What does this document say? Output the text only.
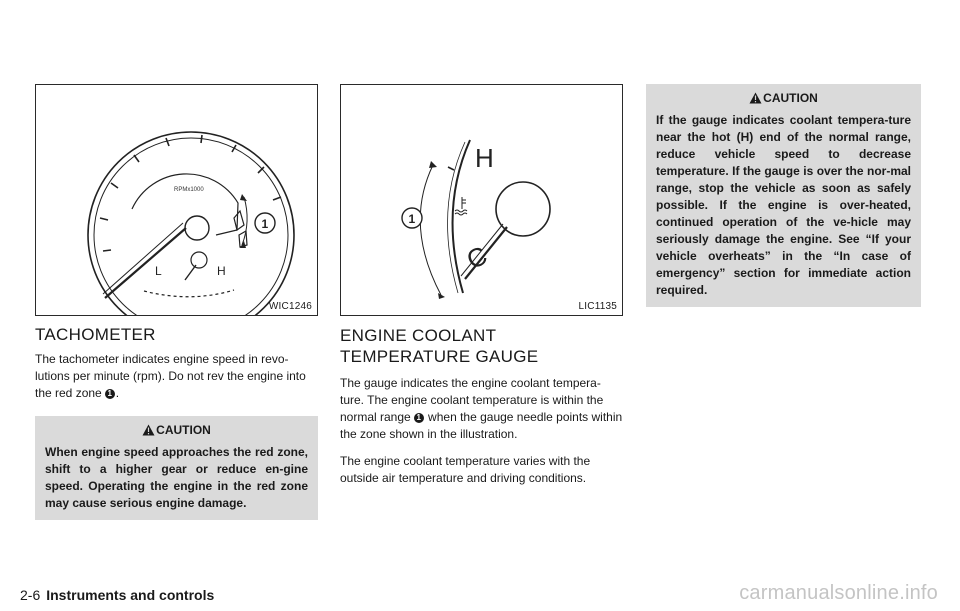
RPMx1000
L	H
1
WIC1246
TACHOMETER

The tachometer indicates engine speed in revo-lutions per minute (rpm). Do not rev the engine into the red zone 1 .

CAUTION
When engine speed approaches the red zone, shift to a higher gear or reduce en-gine speed. Operating the engine in the red zone may cause serious engine damage.
H
C
1
LIC1135
ENGINE COOLANT TEMPERATURE GAUGE

The gauge indicates the engine coolant tempera-ture. The engine coolant temperature is within the normal range 1 when the gauge needle points within the zone shown in the illustration.

The engine coolant temperature varies with the outside air temperature and driving conditions.

CAUTION
If the gauge indicates coolant tempera-ture near the hot (H) end of the normal range, reduce vehicle speed to decrease temperature. If the gauge is over the nor-mal range, stop the vehicle as soon as safely possible. If the engine is over-heated, continued operation of the ve-hicle may seriously damage the engine. See “If your vehicle overheats” in the “In case of emergency” section for immediate action required.
2-6 Instruments and controls	carmanualsonline.info
